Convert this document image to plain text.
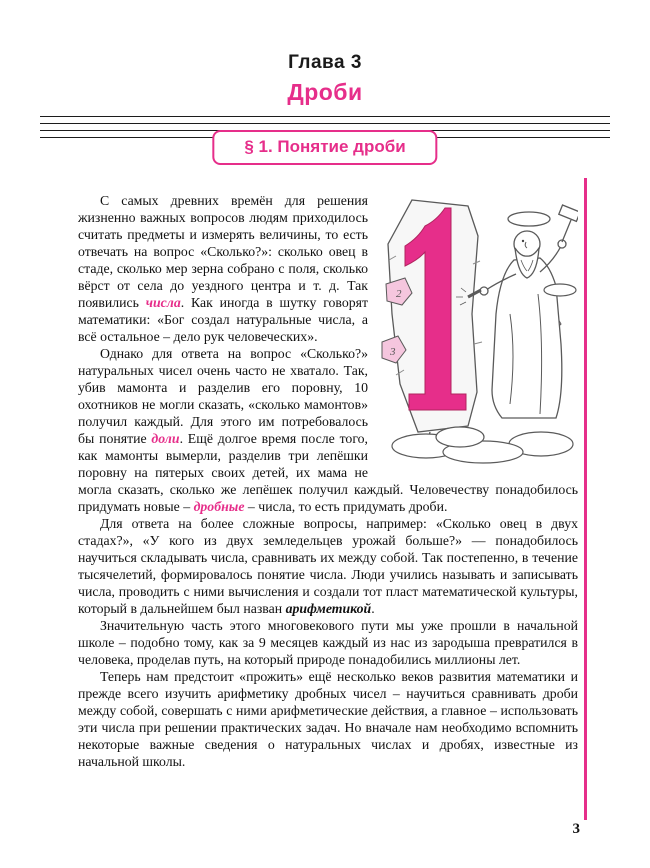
Глава 3
Дроби
§ 1. Понятие дроби
2
3

С самых древних времён для решения жизненно важных вопросов людям приходилось считать предметы и измерять величины, то есть отвечать на вопрос «Сколько?»: сколько овец в стаде, сколько мер зерна собрано с поля, сколько вёрст от села до уездного центра и т. д. Так появились числа. Как иногда в шутку говорят математики: «Бог создал натуральные числа, а всё остальное – дело рук человеческих».

Однако для ответа на вопрос «Сколько?» натуральных чисел очень часто не хватало. Так, убив мамонта и разделив его поровну, 10 охотников не могли сказать, «сколько мамонтов» получил каждый. Для этого им потребовалось бы понятие доли. Ещё долгое время после того, как мамонты вымерли, разделив три лепёшки поровну на пятерых своих детей, их мама не могла сказать, сколько же лепёшек получил каждый. Человечеству понадобилось придумать новые – дробные – числа, то есть придумать дроби.

Для ответа на более сложные вопросы, например: «Сколько овец в двух стадах?», «У кого из двух земледельцев урожай больше?» — понадобилось научиться складывать числа, сравнивать их между собой. Так постепенно, в течение тысячелетий, формировалось понятие числа. Люди учились называть и записывать числа, проводить с ними вычисления и создали тот пласт математической культуры, который в дальнейшем был назван арифметикой.

Значительную часть этого многовекового пути мы уже прошли в начальной школе – подобно тому, как за 9 месяцев каждый из нас из зародыша превратился в человека, проделав путь, на который природе понадобились миллионы лет.

Теперь нам предстоит «прожить» ещё несколько веков развития математики и прежде всего изучить арифметику дробных чисел – научиться сравнивать дроби между собой, совершать с ними арифметические действия, а главное – использовать эти числа при решении практических задач. Но вначале нам необходимо вспомнить некоторые важные сведения о натуральных числах и дробях, известные из начальной школы.

3
